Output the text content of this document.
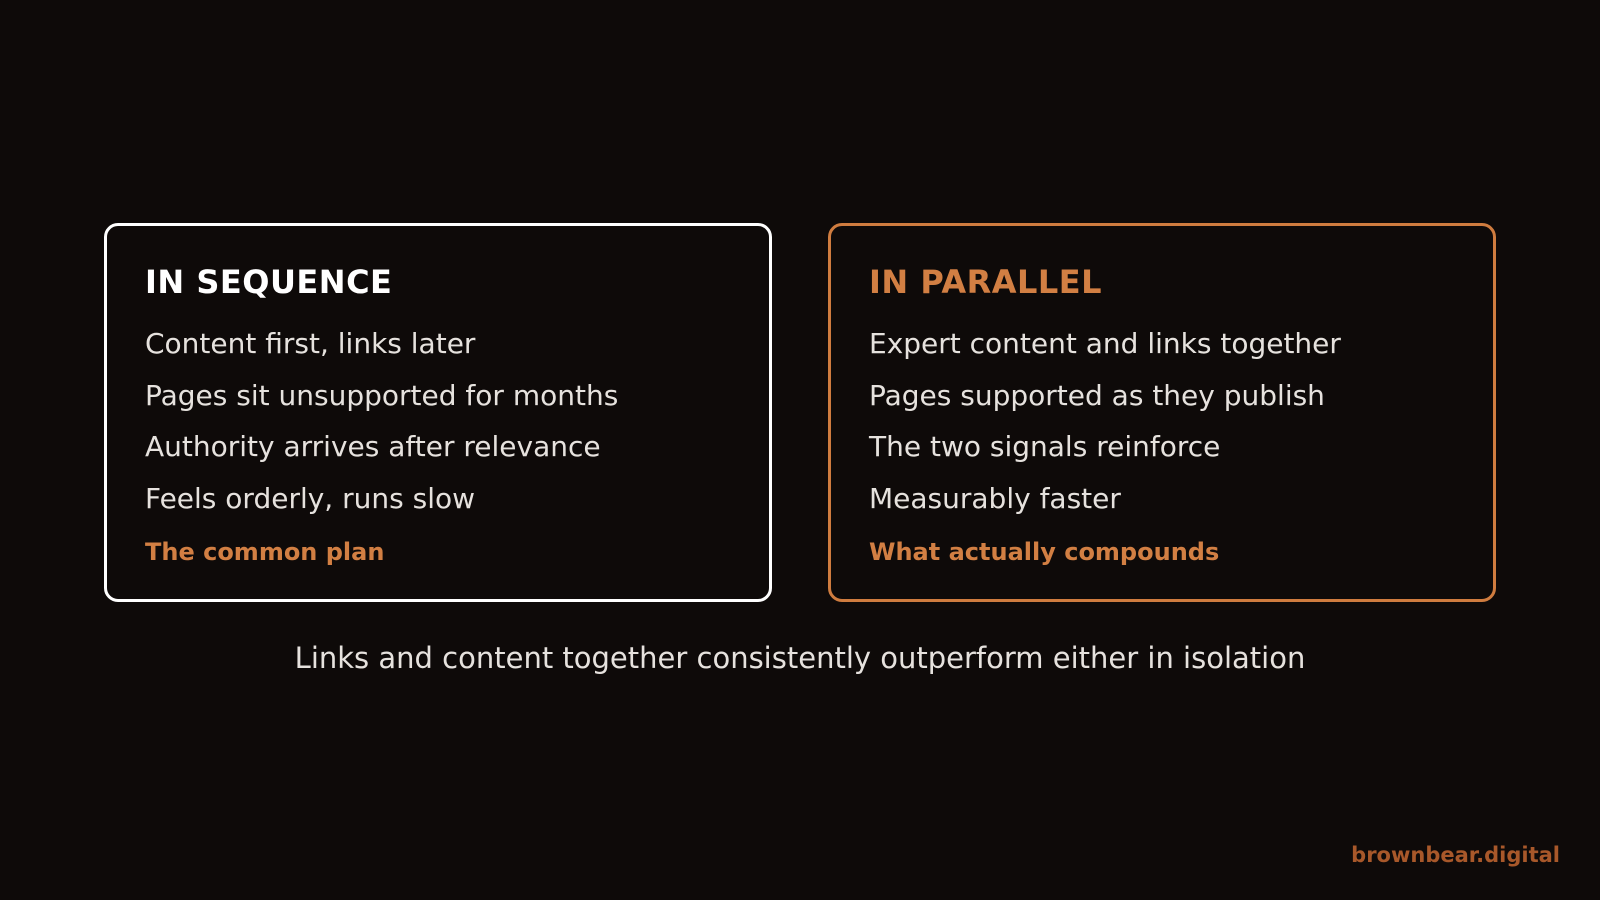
IN SEQUENCE
Content first, links later
Pages sit unsupported for months
Authority arrives after relevance
Feels orderly, runs slow
The common plan
IN PARALLEL
Expert content and links together
Pages supported as they publish
The two signals reinforce
Measurably faster
What actually compounds
Links and content together consistently outperform either in isolation
brownbear.digital
